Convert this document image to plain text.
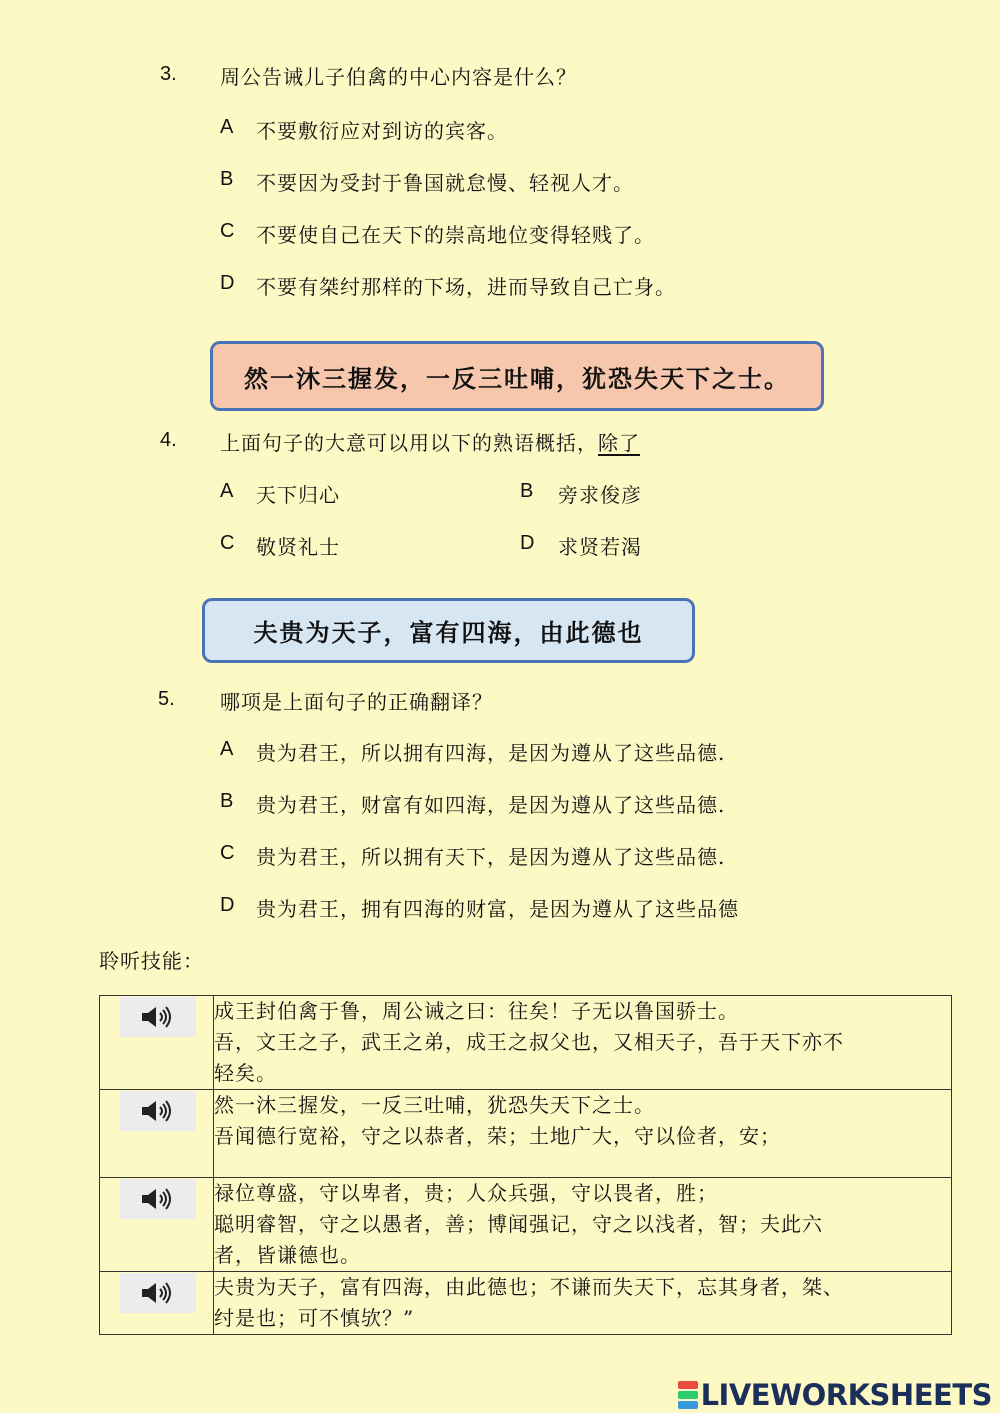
3. 周公告诫儿子伯禽的中心内容是什么？
A 不要敷衍应对到访的宾客。
B 不要因为受封于鲁国就怠慢、轻视人才。
C 不要使自己在天下的崇高地位变得轻贱了。
D 不要有桀纣那样的下场，进而导致自己亡身。
然一沐三握发，一反三吐哺，犹恐失天下之士。
4. 上面句子的大意可以用以下的熟语概括，除了
A 天下归心	B 旁求俊彦
C 敬贤礼士	D 求贤若渴
夫贵为天子，富有四海，由此德也
5. 哪项是上面句子的正确翻译？
A 贵为君王，所以拥有四海，是因为遵从了这些品德.
B 贵为君王，财富有如四海，是因为遵从了这些品德.
C 贵为君王，所以拥有天下，是因为遵从了这些品德.
D 贵为君王，拥有四海的财富，是因为遵从了这些品德
聆听技能：

成王封伯禽于鲁，周公诫之曰：往矣！子无以鲁国骄士。
吾，文王之子，武王之弟，成王之叔父也，又相天子，吾于天下亦不
轻矣。

然一沐三握发，一反三吐哺，犹恐失天下之士。
吾闻德行宽裕，守之以恭者，荣；土地广大，守以俭者，安；

禄位尊盛，守以卑者，贵；人众兵强，守以畏者，胜；
聪明睿智，守之以愚者，善；博闻强记，守之以浅者，智；夫此六
者，皆谦德也。

夫贵为天子，富有四海，由此德也；不谦而失天下，忘其身者，桀、
纣是也；可不慎欤？”
LIVEWORKSHEETS
